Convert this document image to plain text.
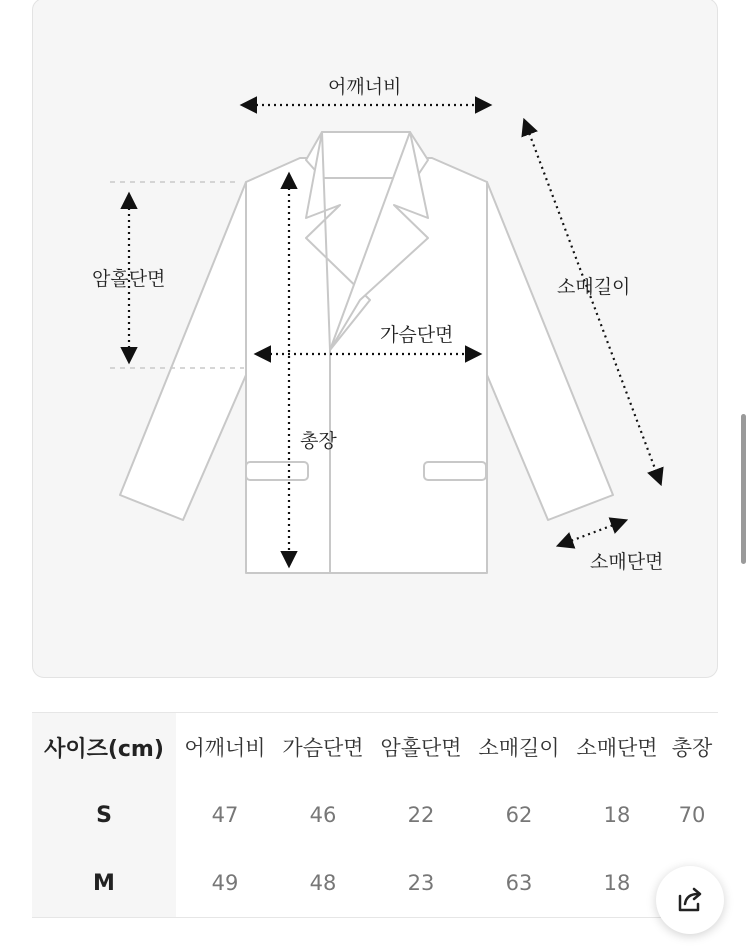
어깨너비
소매길이
암홀단면
가슴단면
총장
소매단면
사이즈(cm)	어깨너비	가슴단면	암홀단면	소매길이	소매단면	총장
S	47	46	22	62	18	70
M	49	48	23	63	18	
